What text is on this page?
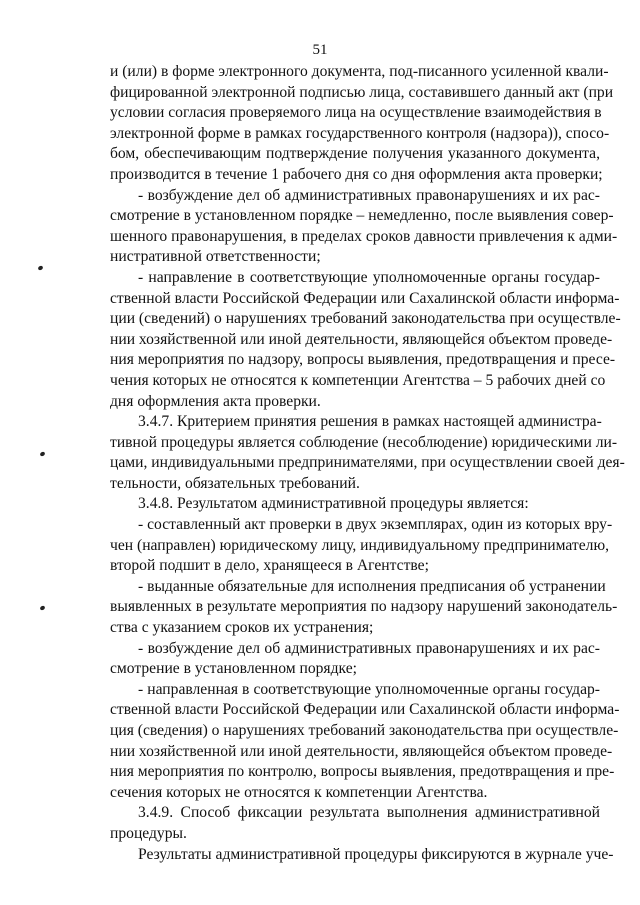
51
и (или) в форме электронного документа, под-писанного усиленной квали-
фицированной электронной подписью лица, составившего данный акт (при
условии согласия проверяемого лица на осуществление взаимодействия в
электронной форме в рамках государственного контроля (надзора)), спосо-
бом, обеспечивающим подтверждение получения указанного документа,
производится в течение 1 рабочего дня со дня оформления акта проверки;
- возбуждение дел об административных правонарушениях и их рас-
смотрение в установленном порядке – немедленно, после выявления совер-
шенного правонарушения, в пределах сроков давности привлечения к адми-
нистративной ответственности;
- направление в соответствующие уполномоченные органы государ-
ственной власти Российской Федерации или Сахалинской области информа-
ции (сведений) о нарушениях требований законодательства при осуществле-
нии хозяйственной или иной деятельности, являющейся объектом проведе-
ния мероприятия по надзору, вопросы выявления, предотвращения и пресе-
чения которых не относятся к компетенции Агентства – 5 рабочих дней со
дня оформления акта проверки.
3.4.7. Критерием принятия решения в рамках настоящей администра-
тивной процедуры является соблюдение (несоблюдение) юридическими ли-
цами, индивидуальными предпринимателями, при осуществлении своей дея-
тельности, обязательных требований.
3.4.8. Результатом административной процедуры является:
- составленный акт проверки в двух экземплярах, один из которых вру-
чен (направлен) юридическому лицу, индивидуальному предпринимателю,
второй подшит в дело, хранящееся в Агентстве;
- выданные обязательные для исполнения предписания об устранении
выявленных в результате мероприятия по надзору нарушений законодатель-
ства с указанием сроков их устранения;
- возбуждение дел об административных правонарушениях и их рас-
смотрение в установленном порядке;
- направленная в соответствующие уполномоченные органы государ-
ственной власти Российской Федерации или Сахалинской области информа-
ция (сведения) о нарушениях требований законодательства при осуществле-
нии хозяйственной или иной деятельности, являющейся объектом проведе-
ния мероприятия по контролю, вопросы выявления, предотвращения и пре-
сечения которых не относятся к компетенции Агентства.
3.4.9. Способ фиксации результата выполнения административной
процедуры.
Результаты административной процедуры фиксируются в журнале уче-
